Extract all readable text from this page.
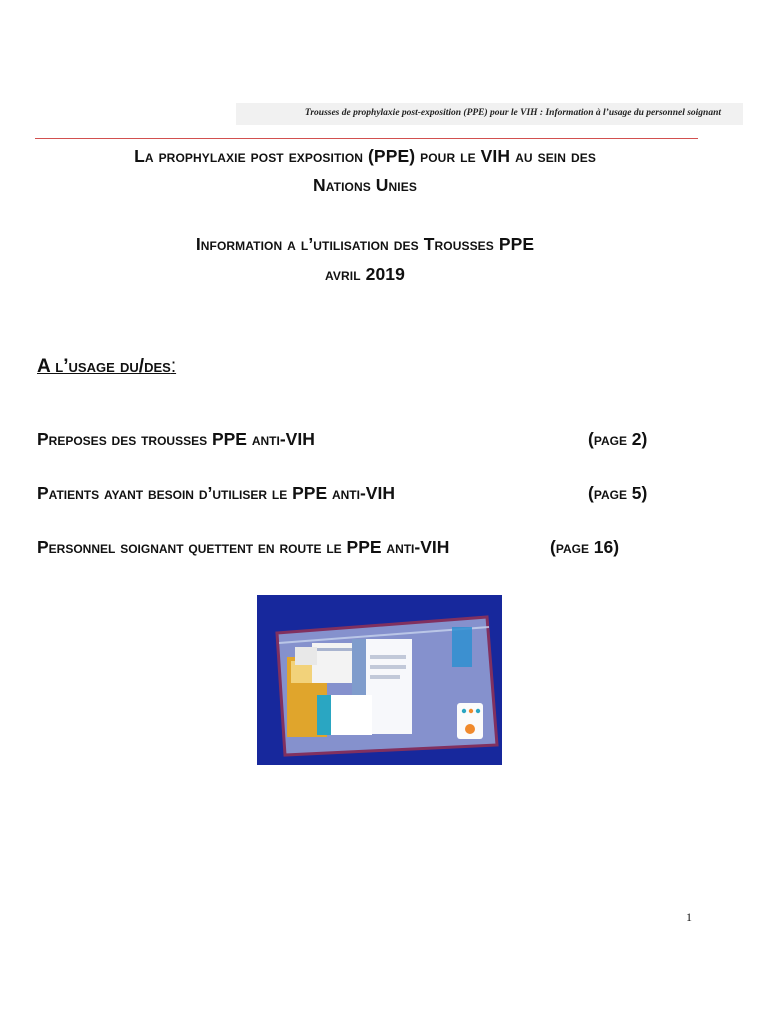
Trousses de prophylaxie post-exposition (PPE) pour le VIH : Information à l’usage du personnel soignant
La prophylaxie post exposition (PPE) pour le VIH au sein des
Nations Unies
Information a l’utilisation des Trousses PPE
avril 2019
A l’usage du/des:
Preposes des trousses PPE anti-VIH	(page 2)
Patients ayant besoin d’utiliser le PPE anti-VIH	(page 5)
Personnel soignant quettent en route le PPE anti-VIH	(page 16)
1
